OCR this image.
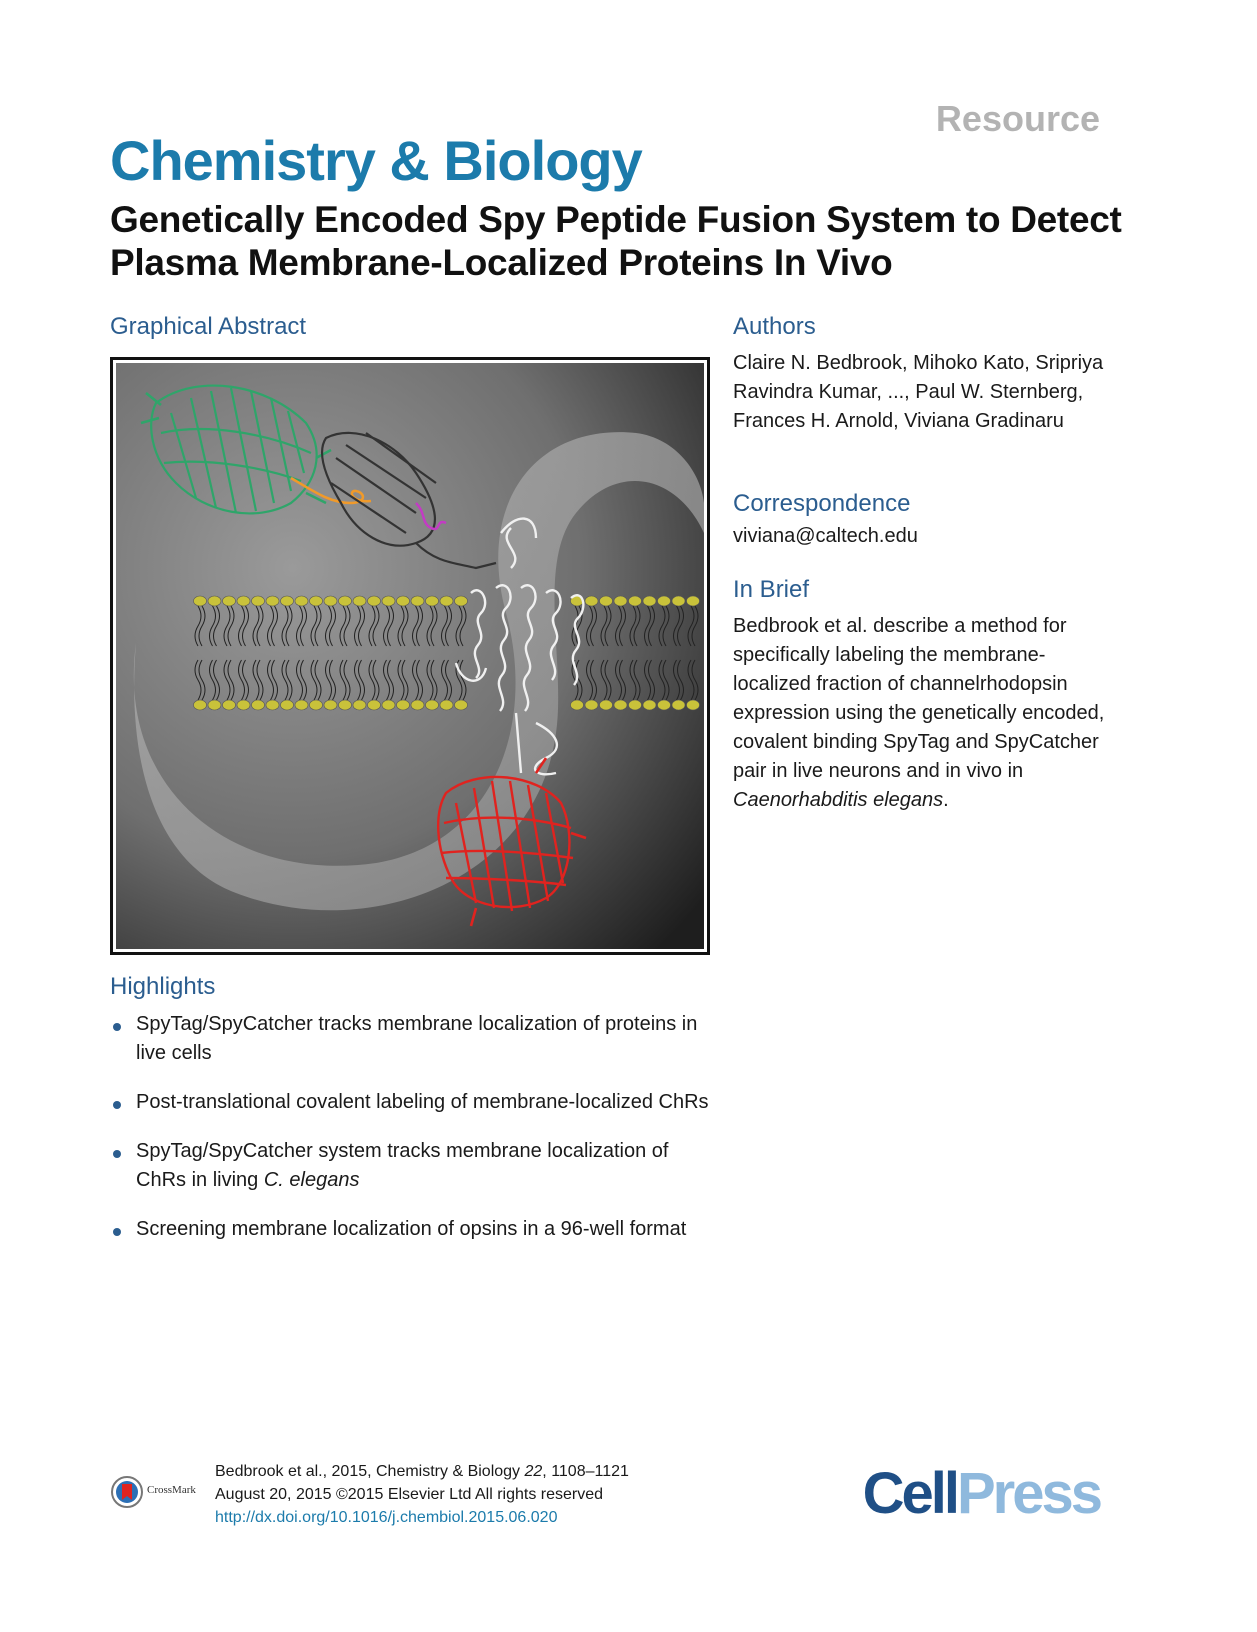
Resource
Chemistry & Biology
Genetically Encoded Spy Peptide Fusion System to Detect Plasma Membrane-Localized Proteins In Vivo
Graphical Abstract	Authors
Claire N. Bedbrook, Mihoko Kato, Sripriya Ravindra Kumar, ..., Paul W. Sternberg, Frances H. Arnold, Viviana Gradinaru
Correspondence
viviana@caltech.edu
In Brief
Bedbrook et al. describe a method for specifically labeling the membrane-localized fraction of channelrhodopsin expression using the genetically encoded, covalent binding SpyTag and SpyCatcher pair in live neurons and in vivo in Caenorhabditis elegans.
Highlights
SpyTag/SpyCatcher tracks membrane localization of proteins in live cells
Post-translational covalent labeling of membrane-localized ChRs
SpyTag/SpyCatcher system tracks membrane localization of ChRs in living C. elegans
Screening membrane localization of opsins in a 96-well format
CrossMark
Bedbrook et al., 2015, Chemistry & Biology 22, 1108–1121
August 20, 2015 ©2015 Elsevier Ltd All rights reserved
http://dx.doi.org/10.1016/j.chembiol.2015.06.020	CellPress
